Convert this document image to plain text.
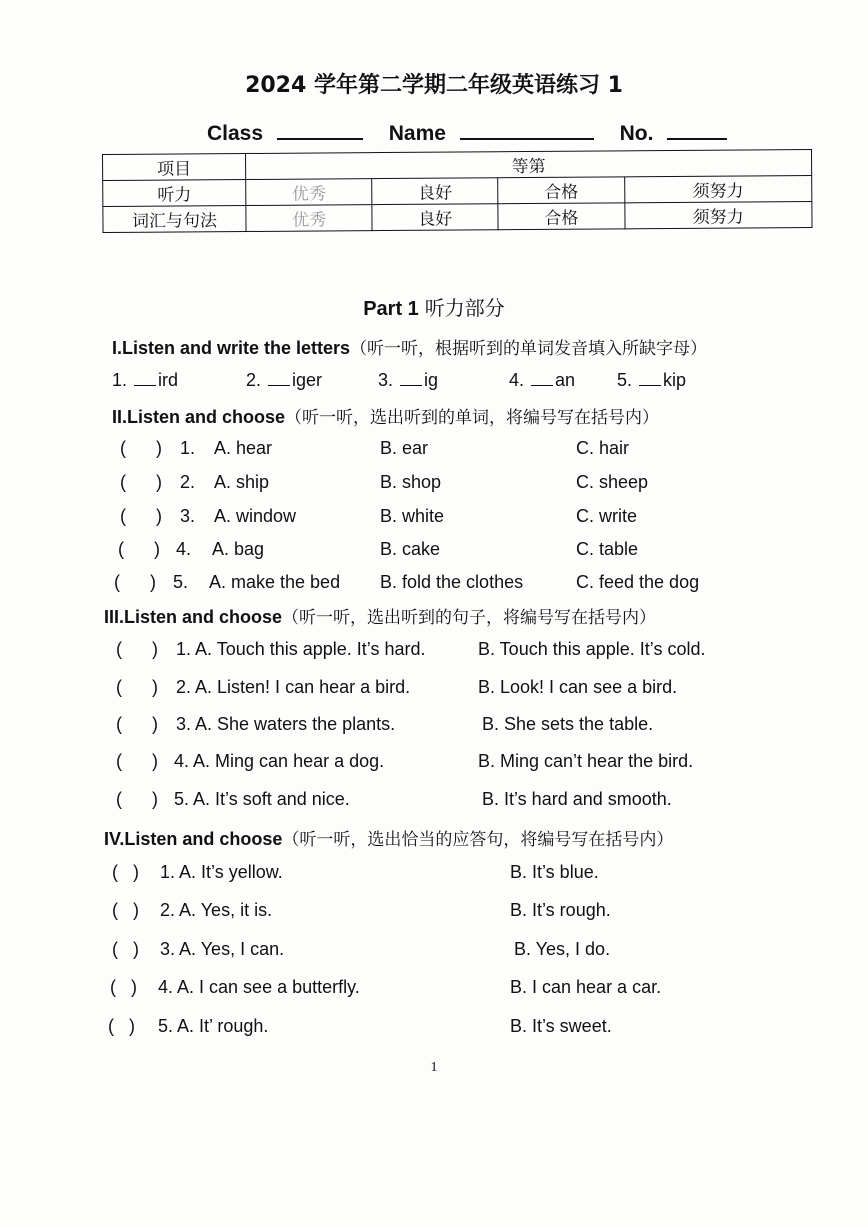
2024 学年第二学期二年级英语练习 1
Class	Name	No.
项目	等第			
听力	优秀	良好	合格	须努力
词汇与句法	优秀	良好	合格	须努力
Part 1 听力部分
I.Listen and write the letters（听一听，根据听到的单词发音填入所缺字母）
1. ird	2. iger	3. ig	4. an 5. kip
II.Listen and choose（听一听，选出听到的单词，将编号写在括号内）
(      ) 1. A. hear	B. ear	C. hair
(      ) 2. A. ship	B. shop	C. sheep
(      ) 3. A. window	B. white	C. write
(      ) 4. A. bag	B. cake	C. table
(      ) 5. A. make the bed B. fold the clothes	C. feed the dog
III.Listen and choose（听一听，选出听到的句子，将编号写在括号内）
(      ) 1. A. Touch this apple. It’s hard.	B. Touch this apple. It’s cold.
(      ) 2. A. Listen! I can hear a bird.	B. Look! I can see a bird.
(      ) 3. A. She waters the plants.	B. She sets the table.
(      ) 4. A. Ming can hear a dog.	B. Ming can’t hear the bird.
(      ) 5. A. It’s soft and nice.	B. It’s hard and smooth.
IV.Listen and choose（听一听，选出恰当的应答句，将编号写在括号内）
(   ) 1. A. It’s yellow.	B. It’s blue.
(   ) 2. A. Yes, it is.	B. It’s rough.
(   ) 3. A. Yes, I can.	B. Yes, I do.
(   ) 4. A. I can see a butterfly.	B. I can hear a car.
(   ) 5. A. It’ rough.	B. It’s sweet.
1
